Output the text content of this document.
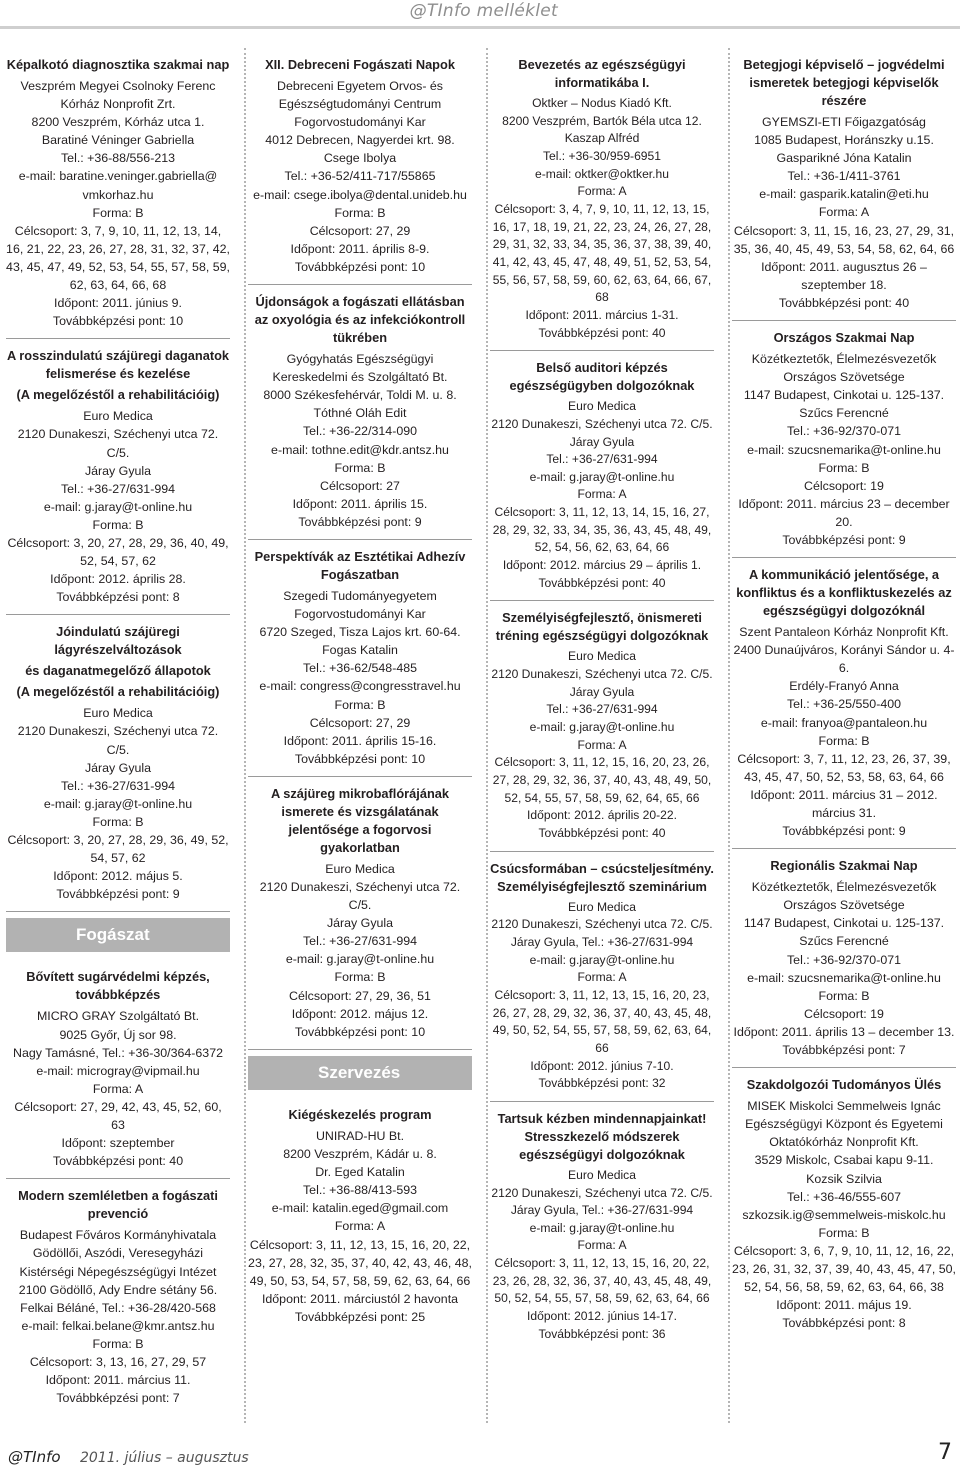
@TInfo melléklet
Képalkotó diagnosztika szakmai nap
Veszprém Megyei Csolnoky Ferenc Kórház Nonprofit Zrt.
8200 Veszprém, Kórház utca 1.
Baratiné Véninger Gabriella
Tel.: +36-88/556-213
e-mail: baratine.veninger.gabriella@ vmkorhaz.hu
Forma: B
Célcsoport: 3, 7, 9, 10, 11, 12, 13, 14, 16, 21, 22, 23, 26, 27, 28, 31, 32, 37, 42, 43, 45, 47, 49, 52, 53, 54, 55, 57, 58, 59, 62, 63, 64, 66, 68
Időpont: 2011. június 9.
Továbbképzési pont: 10
A rosszindulatú szájüregi daganatok felismerése és kezelése
(A megelőzéstől a rehabilitációig)
Euro Medica
2120 Dunakeszi, Széchenyi utca 72. C/5.
Járay Gyula
Tel.: +36-27/631-994
e-mail: g.jaray@t-online.hu
Forma: B
Célcsoport: 3, 20, 27, 28, 29, 36, 40, 49, 52, 54, 57, 62
Időpont: 2012. április 28.
Továbbképzési pont: 8
Jóindulatú szájüregi lágyrészelváltozások
és daganatmegelőző állapotok
(A megelőzéstől a rehabilitációig)
Euro Medica
2120 Dunakeszi, Széchenyi utca 72. C/5.
Járay Gyula
Tel.: +36-27/631-994
e-mail: g.jaray@t-online.hu
Forma: B
Célcsoport: 3, 20, 27, 28, 29, 36, 49, 52, 54, 57, 62
Időpont: 2012. május 5.
Továbbképzési pont: 9
Fogászat
Bővített sugárvédelmi képzés, továbbképzés
MICRO GRAY Szolgáltató Bt.
9025 Győr, Új sor 98.
Nagy Tamásné, Tel.: +36-30/364-6372
e-mail: microgray@vipmail.hu
Forma: A
Célcsoport: 27, 29, 42, 43, 45, 52, 60, 63
Időpont: szeptember
Továbbképzési pont: 40
Modern szemléletben a fogászati prevenció
Budapest Főváros Kormányhivatala Gödöllői, Aszódi, Veresegyházi Kistérségi Népegészségügyi Intézet
2100 Gödöllő, Ady Endre sétány 56.
Felkai Béláné, Tel.: +36-28/420-568
e-mail: felkai.belane@kmr.antsz.hu
Forma: B
Célcsoport: 3, 13, 16, 27, 29, 57
Időpont: 2011. március 11.
Továbbképzési pont: 7
XII. Debreceni Fogászati Napok
Debreceni Egyetem Orvos- és Egészségtudományi Centrum
Fogorvostudományi Kar
4012 Debrecen, Nagyerdei krt. 98.
Csege Ibolya
Tel.: +36-52/411-717/55865
e-mail: csege.ibolya@dental.unideb.hu
Forma: B
Célcsoport: 27, 29
Időpont: 2011. április 8-9.
Továbbképzési pont: 10
Újdonságok a fogászati ellátásban az oxyológia és az infekciókontroll tükrében
Gyógyhatás Egészségügyi Kereskedelmi és Szolgáltató Bt.
8000 Székesfehérvár, Toldi M. u. 8.
Tóthné Oláh Edit
Tel.: +36-22/314-090
e-mail: tothne.edit@kdr.antsz.hu
Forma: B
Célcsoport: 27
Időpont: 2011. április 15.
Továbbképzési pont: 9
Perspektívák az Esztétikai Adhezív Fogászatban
Szegedi Tudományegyetem Fogorvostudományi Kar
6720 Szeged, Tisza Lajos krt. 60-64.
Fogas Katalin
Tel.: +36-62/548-485
e-mail: congress@congresstravel.hu
Forma: B
Célcsoport: 27, 29
Időpont: 2011. április 15-16.
Továbbképzési pont: 10
A szájüreg mikrobaflórájának ismerete és vizsgálatának jelentősége a fogorvosi gyakorlatban
Euro Medica
2120 Dunakeszi, Széchenyi utca 72. C/5.
Járay Gyula
Tel.: +36-27/631-994
e-mail: g.jaray@t-online.hu
Forma: B
Célcsoport: 27, 29, 36, 51
Időpont: 2012. május 12.
Továbbképzési pont: 10
Szervezés
Kiégéskezelés program
UNIRAD-HU Bt.
8200 Veszprém, Kádár u. 8.
Dr. Eged Katalin
Tel.: +36-88/413-593
e-mail: katalin.eged@gmail.com
Forma: A
Célcsoport: 3, 11, 12, 13, 15, 16, 20, 22, 23, 27, 28, 32, 35, 37, 40, 42, 43, 46, 48, 49, 50, 53, 54, 57, 58, 59, 62, 63, 64, 66
Időpont: 2011. márciustól 2 havonta
Továbbképzési pont: 25
Bevezetés az egészségügyi informatikába I.
Oktker – Nodus Kiadó Kft.
8200 Veszprém, Bartók Béla utca 12.
Kaszap Alfréd
Tel.: +36-30/959-6951
e-mail: oktker@oktker.hu
Forma: A
Célcsoport: 3, 4, 7, 9, 10, 11, 12, 13, 15, 16, 17, 18, 19, 21, 22, 23, 24, 26, 27, 28, 29, 31, 32, 33, 34, 35, 36, 37, 38, 39, 40, 41, 42, 43, 45, 47, 48, 49, 51, 52, 53, 54, 55, 56, 57, 58, 59, 60, 62, 63, 64, 66, 67, 68
Időpont: 2011. március 1-31.
Továbbképzési pont: 40
Belső auditori képzés egészségügyben dolgozóknak
Euro Medica
2120 Dunakeszi, Széchenyi utca 72. C/5.
Járay Gyula
Tel.: +36-27/631-994
e-mail: g.jaray@t-online.hu
Forma: A
Célcsoport: 3, 11, 12, 13, 14, 15, 16, 27, 28, 29, 32, 33, 34, 35, 36, 43, 45, 48, 49, 52, 54, 56, 62, 63, 64, 66
Időpont: 2012. március 29 – április 1.
Továbbképzési pont: 40
Személyiségfejlesztő, önismereti tréning egészségügyi dolgozóknak
Euro Medica
2120 Dunakeszi, Széchenyi utca 72. C/5.
Járay Gyula
Tel.: +36-27/631-994
e-mail: g.jaray@t-online.hu
Forma: A
Célcsoport: 3, 11, 12, 15, 16, 20, 23, 26, 27, 28, 29, 32, 36, 37, 40, 43, 48, 49, 50, 52, 54, 55, 57, 58, 59, 62, 64, 65, 66
Időpont: 2012. április 20-22.
Továbbképzési pont: 40
Csúcsformában – csúcsteljesítmény. Személyiségfejlesztő szeminárium
Euro Medica
2120 Dunakeszi, Széchenyi utca 72. C/5.
Járay Gyula, Tel.: +36-27/631-994
e-mail: g.jaray@t-online.hu
Forma: A
Célcsoport: 3, 11, 12, 13, 15, 16, 20, 23, 26, 27, 28, 29, 32, 36, 37, 40, 43, 45, 48, 49, 50, 52, 54, 55, 57, 58, 59, 62, 63, 64, 66
Időpont: 2012. június 7-10.
Továbbképzési pont: 32
Tartsuk kézben mindennapjainkat! Stresszkezelő módszerek egészségügyi dolgozóknak
Euro Medica
2120 Dunakeszi, Széchenyi utca 72. C/5.
Járay Gyula, Tel.: +36-27/631-994
e-mail: g.jaray@t-online.hu
Forma: A
Célcsoport: 3, 11, 12, 13, 15, 16, 20, 22, 23, 26, 28, 32, 36, 37, 40, 43, 45, 48, 49, 50, 52, 54, 55, 57, 58, 59, 62, 63, 64, 66
Időpont: 2012. június 14-17.
Továbbképzési pont: 36
Betegjogi képviselő – jogvédelmi ismeretek betegjogi képviselők részére
GYEMSZI-ETI Főigazgatóság
1085 Budapest, Horánszky u.15.
Gasparikné Jóna Katalin
Tel.: +36-1/411-3761
e-mail: gasparik.katalin@eti.hu
Forma: A
Célcsoport: 3, 11, 15, 16, 23, 27, 29, 31, 35, 36, 40, 45, 49, 53, 54, 58, 62, 64, 66
Időpont: 2011. augusztus 26 – szeptember 18.
Továbbképzési pont: 40
Országos Szakmai Nap
Közétkeztetők, Élelmezésvezetők Országos Szövetsége
1147 Budapest, Cinkotai u. 125-137.
Szűcs Ferencné
Tel.: +36-92/370-071
e-mail: szucsnemarika@t-online.hu
Forma: B
Célcsoport: 19
Időpont: 2011. március 23 – december 20.
Továbbképzési pont: 9
A kommunikáció jelentősége, a konfliktus és a konfliktuskezelés az egészségügyi dolgozóknál
Szent Pantaleon Kórház Nonprofit Kft.
2400 Dunaújváros, Korányi Sándor u. 4-6.
Erdély-Franyó Anna
Tel.: +36-25/550-400
e-mail: franyoa@pantaleon.hu
Forma: B
Célcsoport: 3, 7, 11, 12, 23, 26, 37, 39, 43, 45, 47, 50, 52, 53, 58, 63, 64, 66
Időpont: 2011. március 31 – 2012. március 31.
Továbbképzési pont: 9
Regionális Szakmai Nap
Közétkeztetők, Élelmezésvezetők Országos Szövetsége
1147 Budapest, Cinkotai u. 125-137.
Szűcs Ferencné
Tel.: +36-92/370-071
e-mail: szucsnemarika@t-online.hu
Forma: B
Célcsoport: 19
Időpont: 2011. április 13 – december 13.
Továbbképzési pont: 7
Szakdolgozói Tudományos Ülés
MISEK Miskolci Semmelweis Ignác Egészségügyi Központ és Egyetemi Oktatókórház Nonprofit Kft.
3529 Miskolc, Csabai kapu 9-11.
Kozsik Szilvia
Tel.: +36-46/555-607
szkozsik.ig@semmelweis-miskolc.hu
Forma: B
Célcsoport: 3, 6, 7, 9, 10, 11, 12, 16, 22, 23, 26, 31, 32, 37, 39, 40, 43, 45, 47, 50, 52, 54, 56, 58, 59, 62, 63, 64, 66, 38
Időpont: 2011. május 19.
Továbbképzési pont: 8
@TInfo 2011. július – augusztus	7
